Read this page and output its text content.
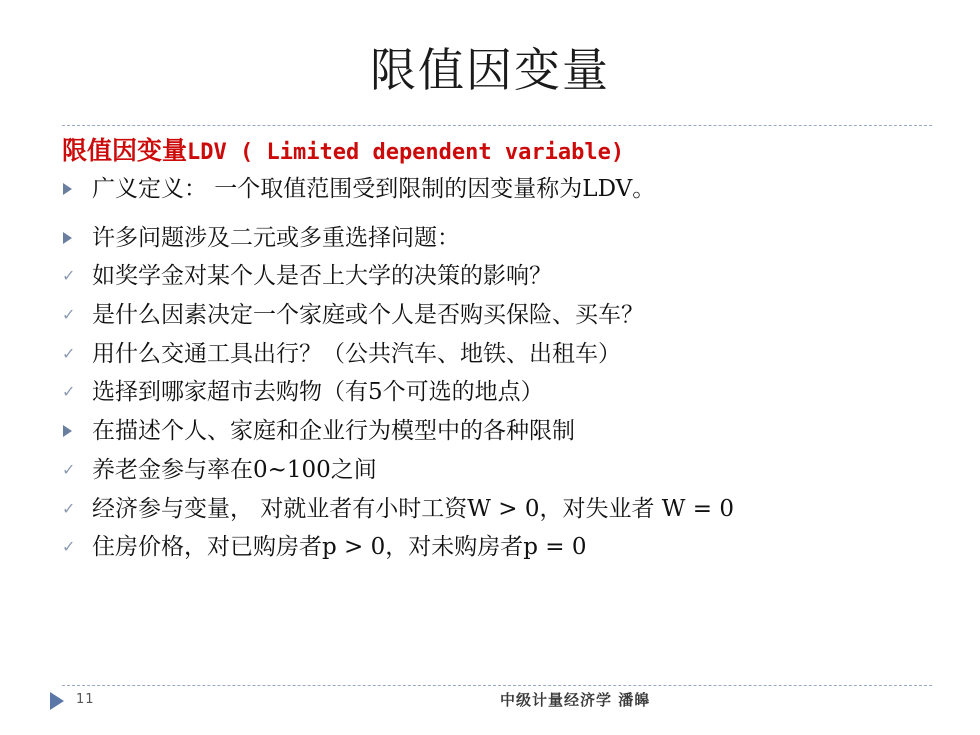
限值因变量
限值因变量LDV ( Limited dependent variable)
广义定义： 一个取值范围受到限制的因变量称为LDV。
许多问题涉及二元或多重选择问题：
✓ 如奖学金对某个人是否上大学的决策的影响？
✓ 是什么因素决定一个家庭或个人是否购买保险、买车？
✓ 用什么交通工具出行？（公共汽车、地铁、出租车）
✓ 选择到哪家超市去购物（有5个可选的地点）
在描述个人、家庭和企业行为模型中的各种限制
✓ 养老金参与率在0~100之间
✓ 经济参与变量， 对就业者有小时工资W > 0，对失业者 W = 0
✓ 住房价格，对已购房者p > 0，对未购房者p = 0
11	中级计量经济学 潘皞
